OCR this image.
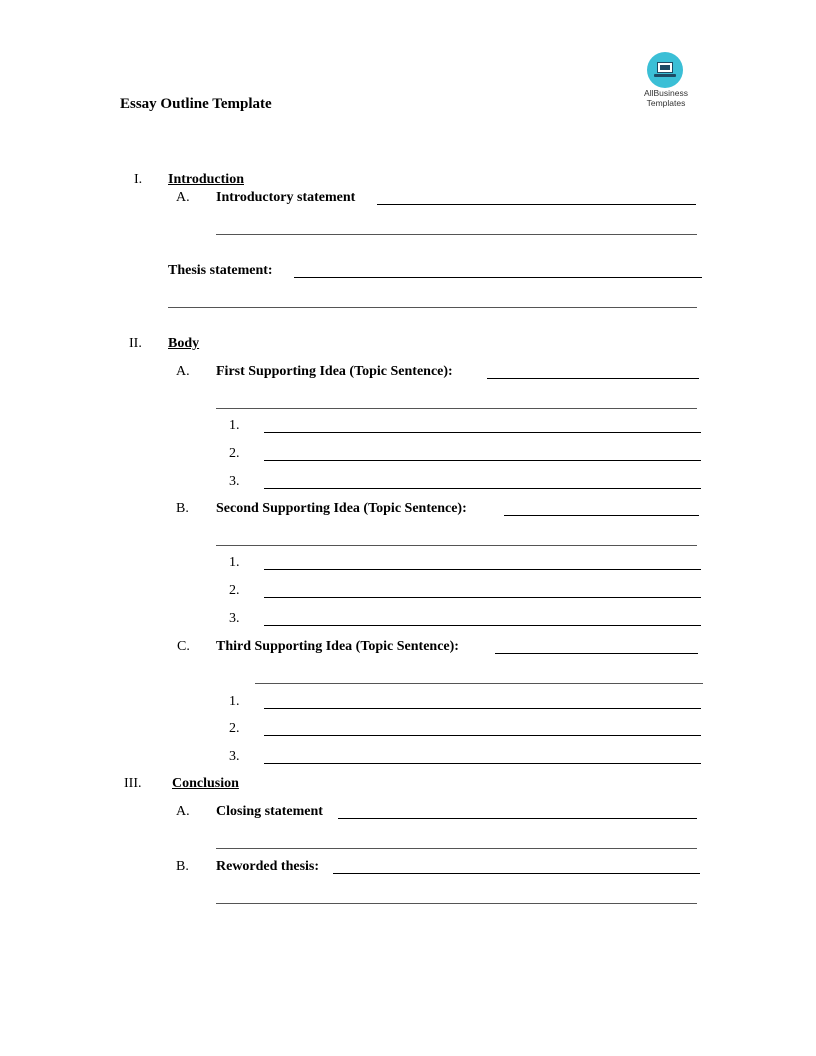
Essay Outline Template
AllBusiness
Templates
I. Introduction
A. Introductory statement
Thesis statement:
II. Body
A. First Supporting Idea (Topic Sentence):
1.
2.
3.
B. Second Supporting Idea (Topic Sentence):
1.
2.
3.
C. Third Supporting Idea (Topic Sentence):
1.
2.
3.
III. Conclusion
A. Closing statement
B. Reworded thesis:
